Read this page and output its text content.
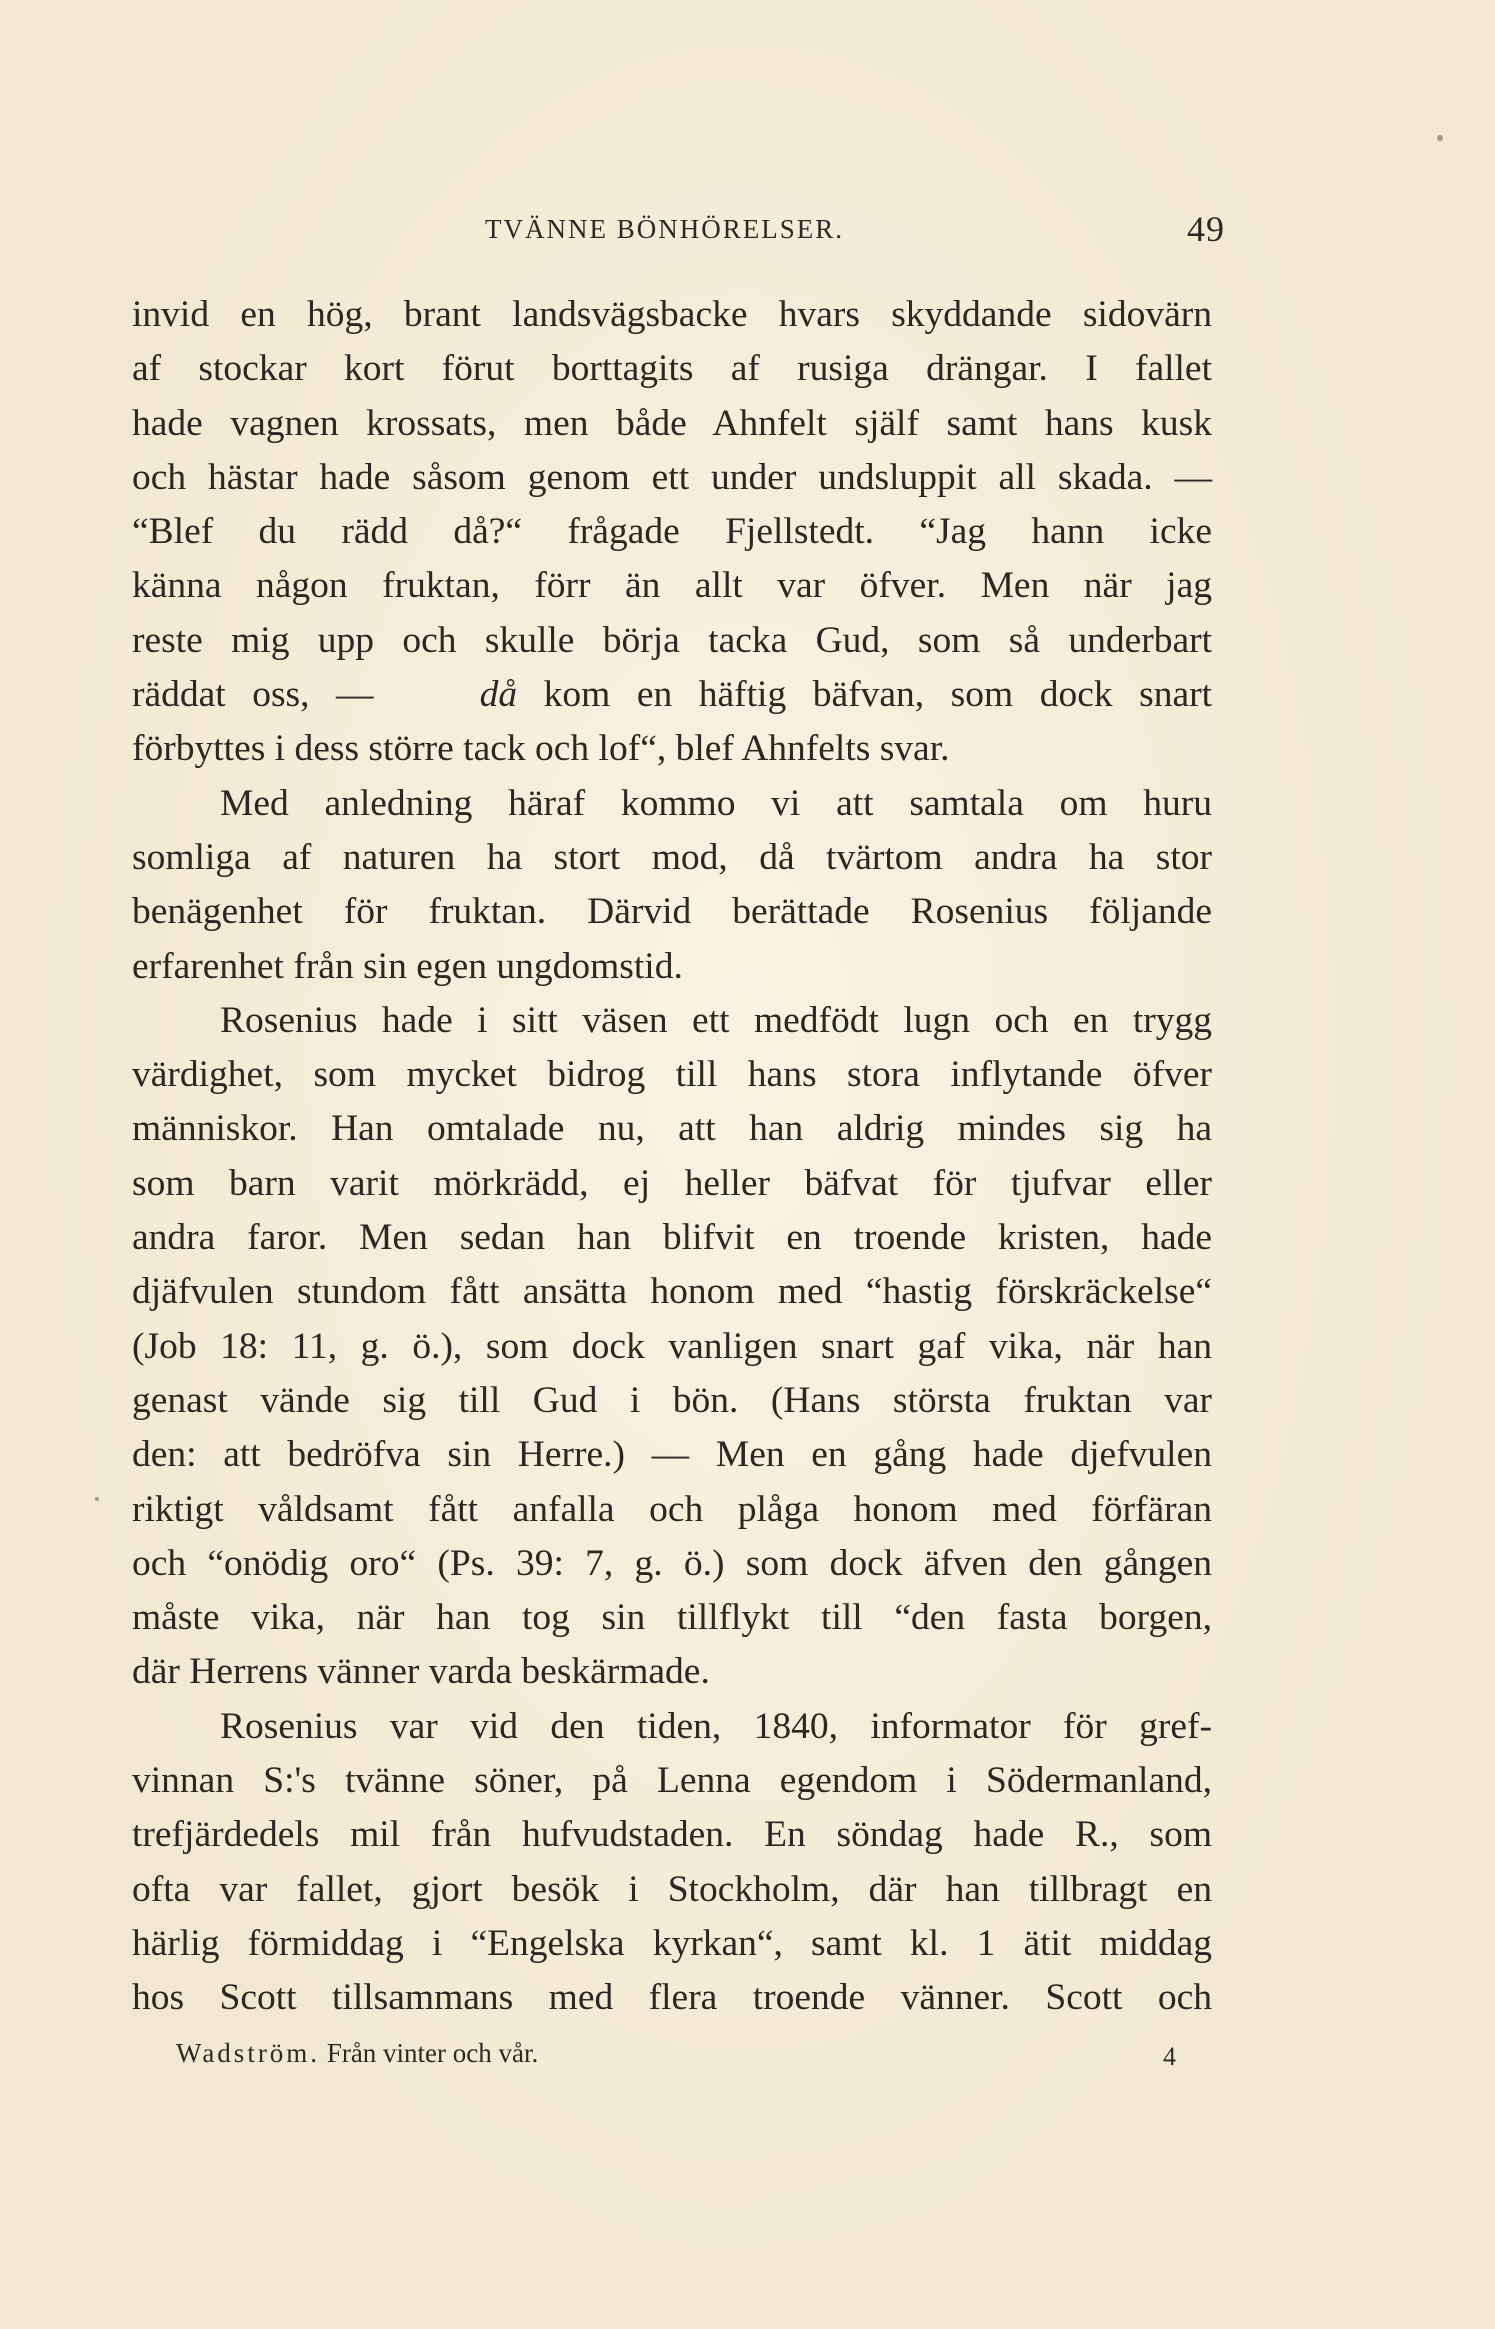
TVÄNNE BÖNHÖRELSER.	49
invid en hög, brant landsvägsbacke hvars skyddande sidovärn
af stockar kort förut borttagits af rusiga drängar. I fallet
hade vagnen krossats, men både Ahnfelt själf samt hans kusk
och hästar hade såsom genom ett under undsluppit all skada. —
“Blef du rädd då?“ frågade Fjellstedt. “Jag hann icke
känna någon fruktan, förr än allt var öfver. Men när jag
reste mig upp och skulle börja tacka Gud, som så underbart
räddat oss, —	då kom en häftig bäfvan, som dock snart
förbyttes i dess större tack och lof“, blef Ahnfelts svar.
Med anledning häraf kommo vi att samtala om huru
somliga af naturen ha stort mod, då tvärtom andra ha stor
benägenhet för fruktan. Därvid berättade Rosenius följande
erfarenhet från sin egen ungdomstid.
Rosenius hade i sitt väsen ett medfödt lugn och en trygg
värdighet, som mycket bidrog till hans stora inflytande öfver
människor. Han omtalade nu, att han aldrig mindes sig ha
som barn varit mörkrädd, ej heller bäfvat för tjufvar eller
andra faror. Men sedan han blifvit en troende kristen, hade
djäfvulen stundom fått ansätta honom med “hastig förskräckelse“
(Job 18: 11, g. ö.), som dock vanligen snart gaf vika, när han
genast vände sig till Gud i bön. (Hans största fruktan var
den: att bedröfva sin Herre.) — Men en gång hade djefvulen
riktigt våldsamt fått anfalla och plåga honom med förfäran
och “onödig oro“ (Ps. 39: 7, g. ö.) som dock äfven den gången
måste vika, när han tog sin tillflykt till “den fasta borgen,
där Herrens vänner varda beskärmade.
Rosenius var vid den tiden, 1840, informator för gref-
vinnan S:'s tvänne söner, på Lenna egendom i Södermanland,
trefjärdedels mil från hufvudstaden. En söndag hade R., som
ofta var fallet, gjort besök i Stockholm, där han tillbragt en
härlig förmiddag i “Engelska kyrkan“, samt kl. 1 ätit middag
hos Scott tillsammans med flera troende vänner. Scott och
Wadström. Från vinter och vår.	4
